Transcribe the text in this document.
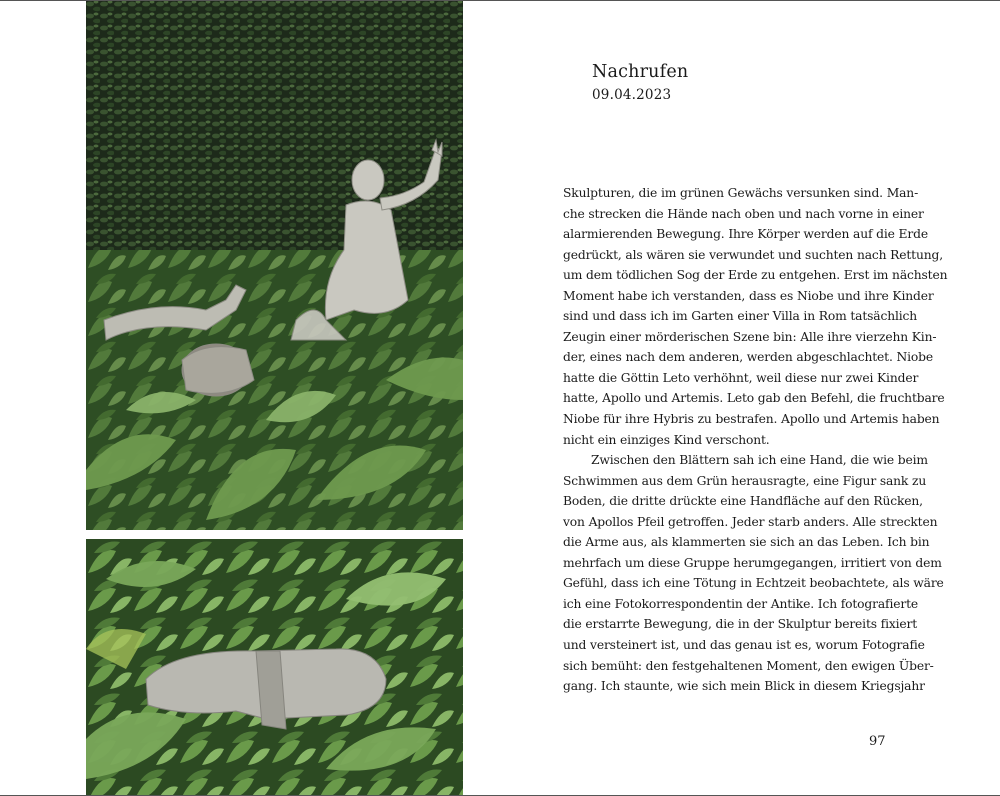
Nachrufen
09.04.2023
Skulpturen, die im grünen Gewächs versunken sind. Man-
che strecken die Hände nach oben und nach vorne in einer
alarmierenden Bewegung. Ihre Körper werden auf die Erde
gedrückt, als wären sie verwundet und suchten nach Rettung,
um dem tödlichen Sog der Erde zu entgehen. Erst im nächsten
Moment habe ich verstanden, dass es Niobe und ihre Kinder
sind und dass ich im Garten einer Villa in Rom tatsächlich
Zeugin einer mörderischen Szene bin: Alle ihre vierzehn Kin-
der, eines nach dem anderen, werden abgeschlachtet. Niobe
hatte die Göttin Leto verhöhnt, weil diese nur zwei Kinder
hatte, Apollo und Artemis. Leto gab den Befehl, die fruchtbare
Niobe für ihre Hybris zu bestrafen. Apollo und Artemis haben
nicht ein einziges Kind verschont.
Zwischen den Blättern sah ich eine Hand, die wie beim
Schwimmen aus dem Grün herausragte, eine Figur sank zu
Boden, die dritte drückte eine Handfläche auf den Rücken,
von Apollos Pfeil getroffen. Jeder starb anders. Alle streckten
die Arme aus, als klammerten sie sich an das Leben. Ich bin
mehrfach um diese Gruppe herumgegangen, irritiert von dem
Gefühl, dass ich eine Tötung in Echtzeit beobachtete, als wäre
ich eine Fotokorrespondentin der Antike. Ich fotografierte
die erstarrte Bewegung, die in der Skulptur bereits fixiert
und versteinert ist, und das genau ist es, worum Fotografie
sich bemüht: den festgehaltenen Moment, den ewigen Über-
gang. Ich staunte, wie sich mein Blick in diesem Kriegsjahr
97
